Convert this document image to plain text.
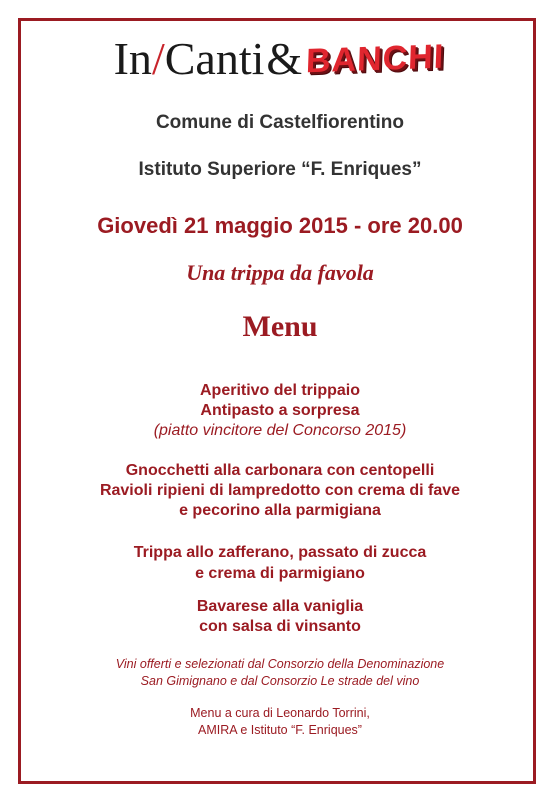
In / Canti & BANCHI
Comune di Castelfiorentino
Istituto Superiore “F. Enriques”
Giovedì 21 maggio 2015 - ore 20.00
Una trippa da favola
Menu
Aperitivo del trippaio
Antipasto a sorpresa
(piatto vincitore del Concorso 2015)
Gnocchetti alla carbonara con centopelli
Ravioli ripieni di lampredotto con crema di fave
e pecorino alla parmigiana
Trippa allo zafferano, passato di zucca
e crema di parmigiano
Bavarese alla vaniglia
con salsa di vinsanto
Vini offerti e selezionati dal Consorzio della Denominazione
San Gimignano e dal Consorzio Le strade del vino
Menu a cura di Leonardo Torrini,
AMIRA e Istituto “F. Enriques”
